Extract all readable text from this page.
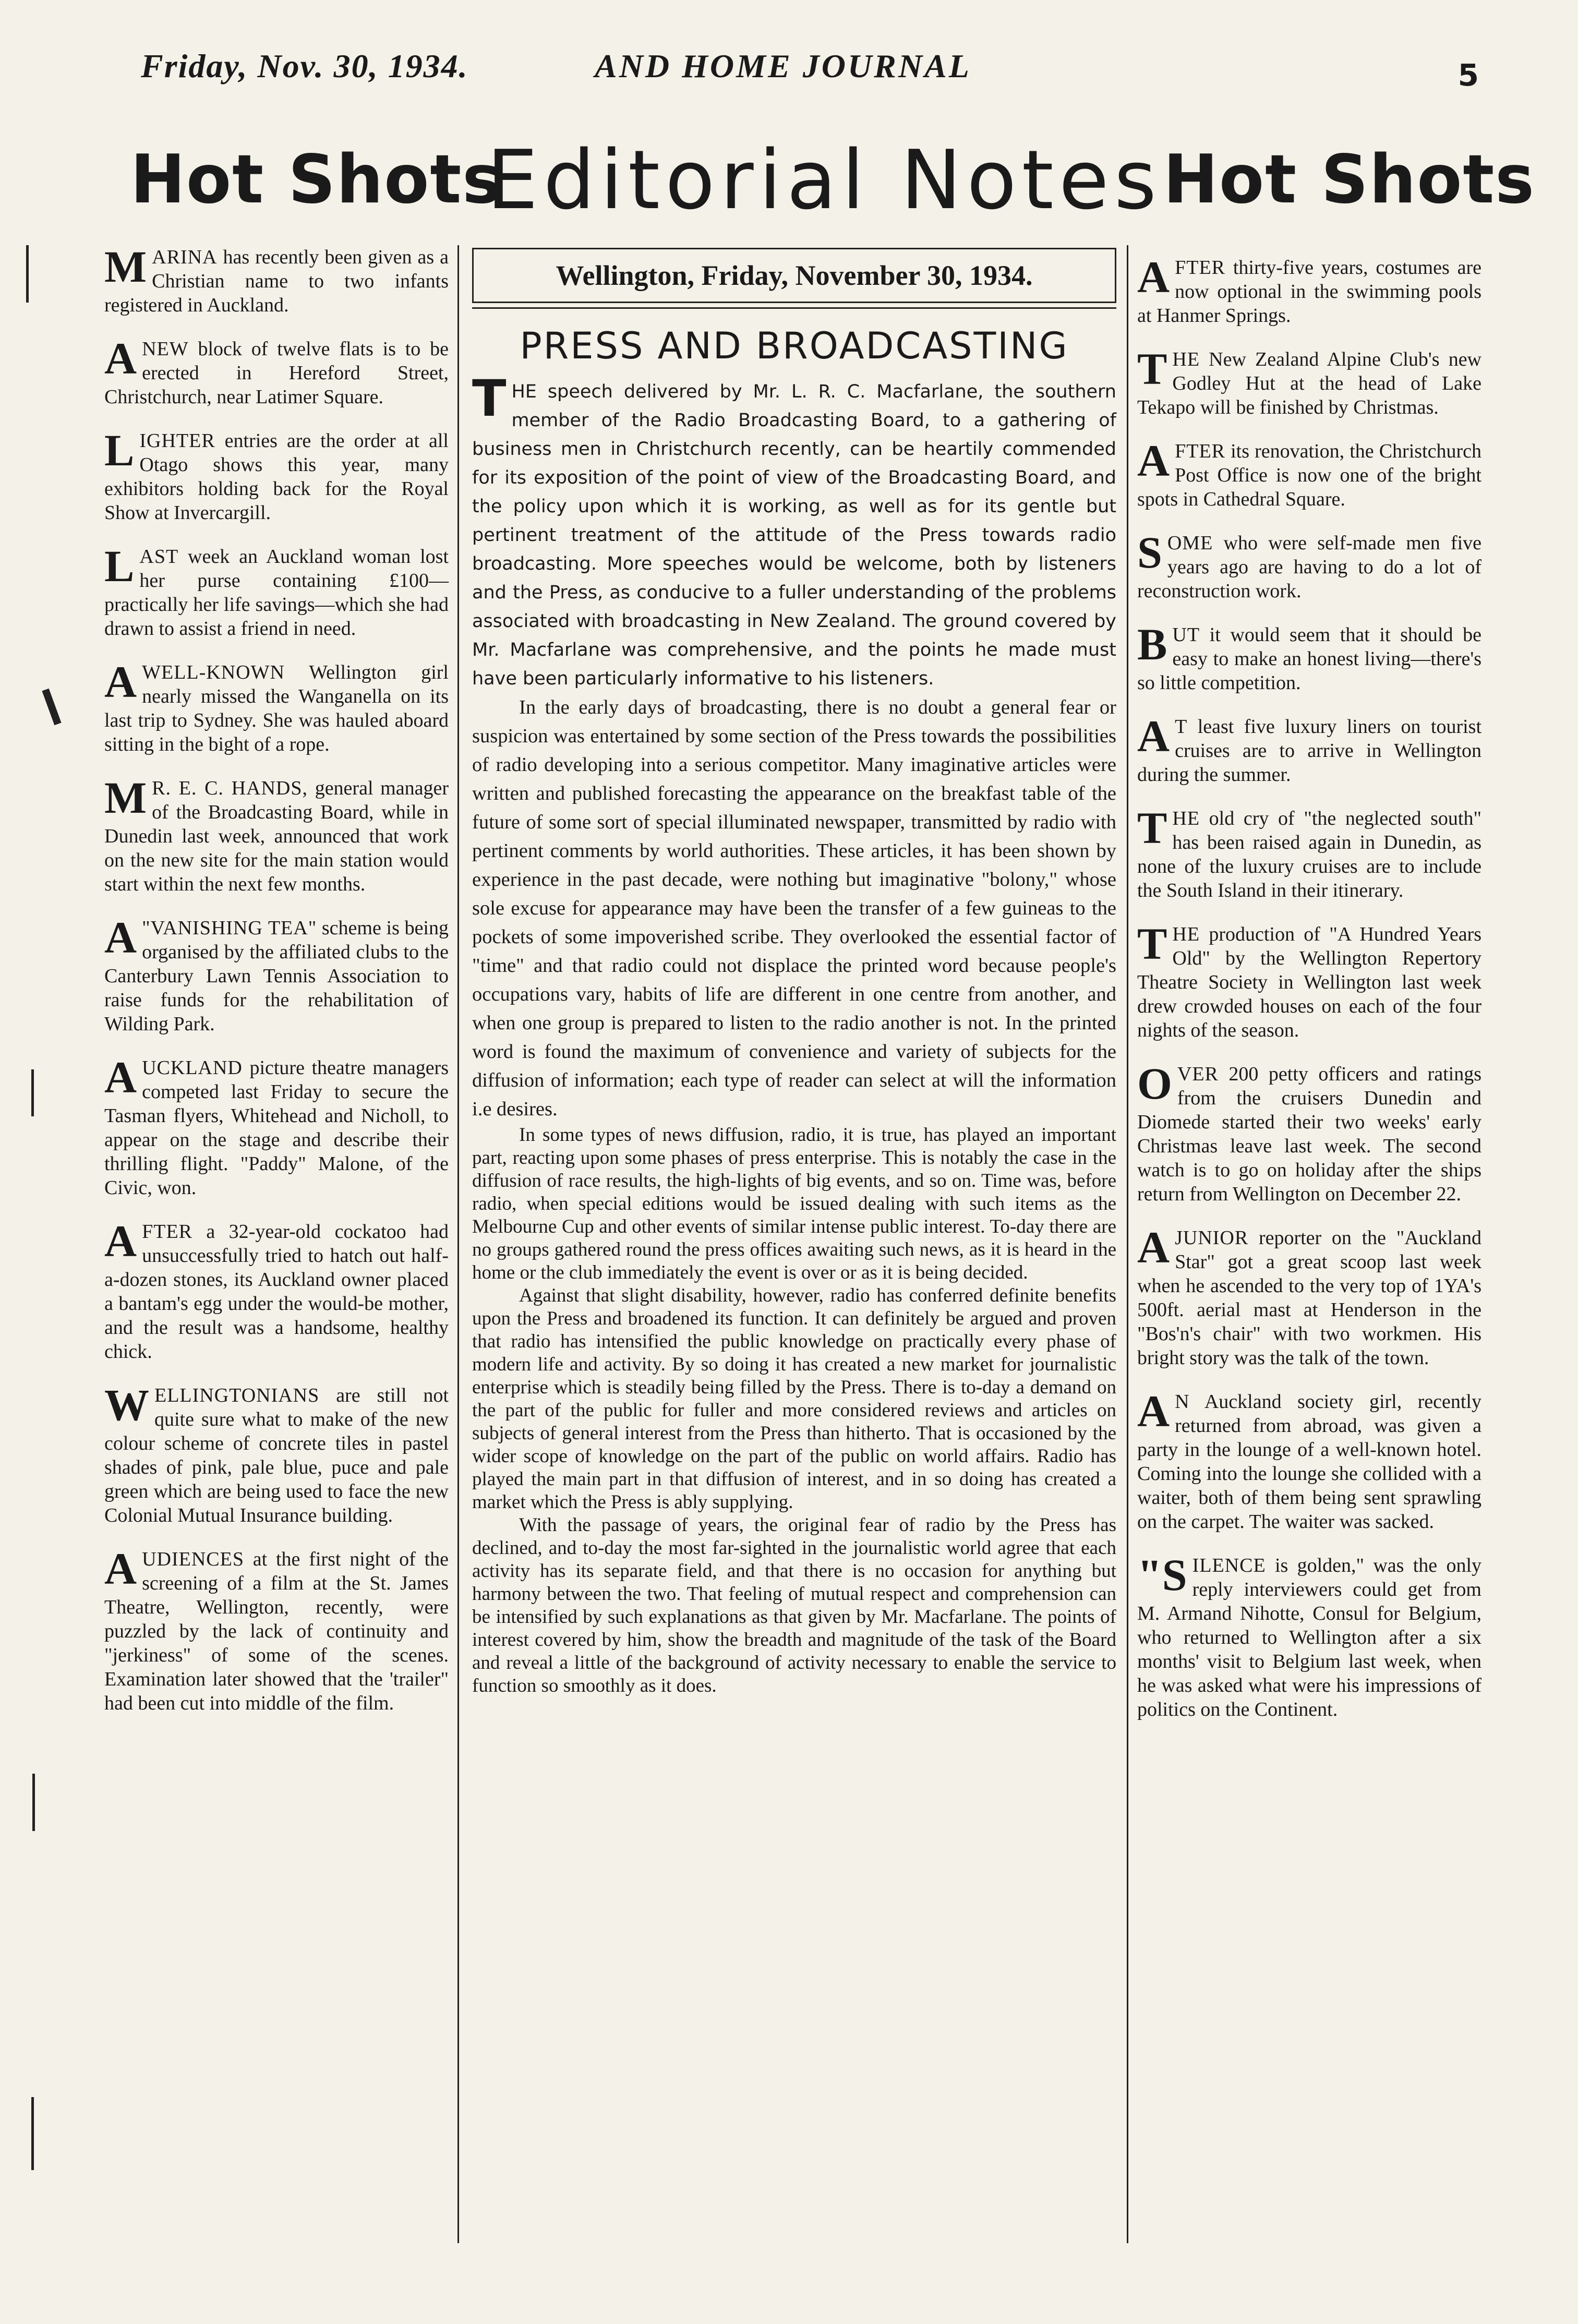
Friday, Nov. 30, 1934.	AND HOME JOURNAL	5
Hot Shots
Editorial Notes Hot Shots
MARINA has recently been given as a Christian name to two infants registered in Auckland.
A NEW block of twelve flats is to be erected in Hereford Street, Christchurch, near Latimer Square.
LIGHTER entries are the order at all Otago shows this year, many exhibitors holding back for the Royal Show at Invercargill.
LAST week an Auckland woman lost her purse containing £100—practically her life savings—which she had drawn to assist a friend in need.
A WELL-KNOWN Wellington girl nearly missed the Wanganella on its last trip to Sydney. She was hauled aboard sitting in the bight of a rope.
MR. E. C. HANDS, general manager of the Broadcasting Board, while in Dunedin last week, announced that work on the new site for the main station would start within the next few months.
A "VANISHING TEA" scheme is being organised by the affiliated clubs to the Canterbury Lawn Tennis Association to raise funds for the rehabilitation of Wilding Park.
AUCKLAND picture theatre managers competed last Friday to secure the Tasman flyers, Whitehead and Nicholl, to appear on the stage and describe their thrilling flight. "Paddy" Malone, of the Civic, won.
AFTER a 32-year-old cockatoo had unsuccessfully tried to hatch out half-a-dozen stones, its Auckland owner placed a bantam's egg under the would-be mother, and the result was a handsome, healthy chick.
WELLINGTONIANS are still not quite sure what to make of the new colour scheme of concrete tiles in pastel shades of pink, pale blue, puce and pale green which are being used to face the new Colonial Mutual Insurance building.
AUDIENCES at the first night of the screening of a film at the St. James Theatre, Wellington, recently, were puzzled by the lack of continuity and "jerkiness" of some of the scenes. Examination later showed that the 'trailer" had been cut into middle of the film.
Wellington, Friday, November 30, 1934.
PRESS AND BROADCASTING

THE speech delivered by Mr. L. R. C. Macfarlane, the southern member of the Radio Broadcasting Board, to a gathering of business men in Christchurch recently, can be heartily commended for its exposition of the point of view of the Broadcasting Board, and the policy upon which it is working, as well as for its gentle but pertinent treatment of the attitude of the Press towards radio broadcasting. More speeches would be welcome, both by listeners and the Press, as conducive to a fuller understanding of the problems associated with broadcasting in New Zealand. The ground covered by Mr. Macfarlane was comprehensive, and the points he made must have been particularly informative to his listeners.

In the early days of broadcasting, there is no doubt a general fear or suspicion was entertained by some section of the Press towards the possibilities of radio developing into a serious competitor. Many imaginative articles were written and published forecasting the appearance on the breakfast table of the future of some sort of special illuminated newspaper, transmitted by radio with pertinent comments by world authorities. These articles, it has been shown by experience in the past decade, were nothing but imaginative "bolony," whose sole excuse for appearance may have been the transfer of a few guineas to the pockets of some impoverished scribe. They overlooked the essential factor of "time" and that radio could not displace the printed word because people's occupations vary, habits of life are different in one centre from another, and when one group is prepared to listen to the radio another is not. In the printed word is found the maximum of convenience and variety of subjects for the diffusion of information; each type of reader can select at will the information i.e desires.

In some types of news diffusion, radio, it is true, has played an important part, reacting upon some phases of press enterprise. This is notably the case in the diffusion of race results, the high-lights of big events, and so on. Time was, before radio, when special editions would be issued dealing with such items as the Melbourne Cup and other events of similar intense public interest. To-day there are no groups gathered round the press offices awaiting such news, as it is heard in the home or the club immediately the event is over or as it is being decided.

Against that slight disability, however, radio has conferred definite benefits upon the Press and broadened its function. It can definitely be argued and proven that radio has intensified the public knowledge on practically every phase of modern life and activity. By so doing it has created a new market for journalistic enterprise which is steadily being filled by the Press. There is to-day a demand on the part of the public for fuller and more considered reviews and articles on subjects of general interest from the Press than hitherto. That is occasioned by the wider scope of knowledge on the part of the public on world affairs. Radio has played the main part in that diffusion of interest, and in so doing has created a market which the Press is ably supplying.

With the passage of years, the original fear of radio by the Press has declined, and to-day the most far-sighted in the journalistic world agree that each activity has its separate field, and that there is no occasion for anything but harmony between the two. That feeling of mutual respect and comprehension can be intensified by such explanations as that given by Mr. Macfarlane. The points of interest covered by him, show the breadth and magnitude of the task of the Board and reveal a little of the background of activity necessary to enable the service to function so smoothly as it does.

AFTER thirty-five years, costumes are now optional in the swimming pools at Hanmer Springs.
THE New Zealand Alpine Club's new Godley Hut at the head of Lake Tekapo will be finished by Christmas.
AFTER its renovation, the Christchurch Post Office is now one of the bright spots in Cathedral Square.
SOME who were self-made men five years ago are having to do a lot of reconstruction work.
BUT it would seem that it should be easy to make an honest living—there's so little competition.
AT least five luxury liners on tourist cruises are to arrive in Wellington during the summer.
THE old cry of "the neglected south" has been raised again in Dunedin, as none of the luxury cruises are to include the South Island in their itinerary.
THE production of "A Hundred Years Old" by the Wellington Repertory Theatre Society in Wellington last week drew crowded houses on each of the four nights of the season.
OVER 200 petty officers and ratings from the cruisers Dunedin and Diomede started their two weeks' early Christmas leave last week. The second watch is to go on holiday after the ships return from Wellington on December 22.
A JUNIOR reporter on the "Auckland Star" got a great scoop last week when he ascended to the very top of 1YA's 500ft. aerial mast at Henderson in the "Bos'n's chair" with two workmen. His bright story was the talk of the town.
AN Auckland society girl, recently returned from abroad, was given a party in the lounge of a well-known hotel. Coming into the lounge she collided with a waiter, both of them being sent sprawling on the carpet. The waiter was sacked.
"SILENCE is golden," was the only reply interviewers could get from M. Armand Nihotte, Consul for Belgium, who returned to Wellington after a six months' visit to Belgium last week, when he was asked what were his impressions of politics on the Continent.
